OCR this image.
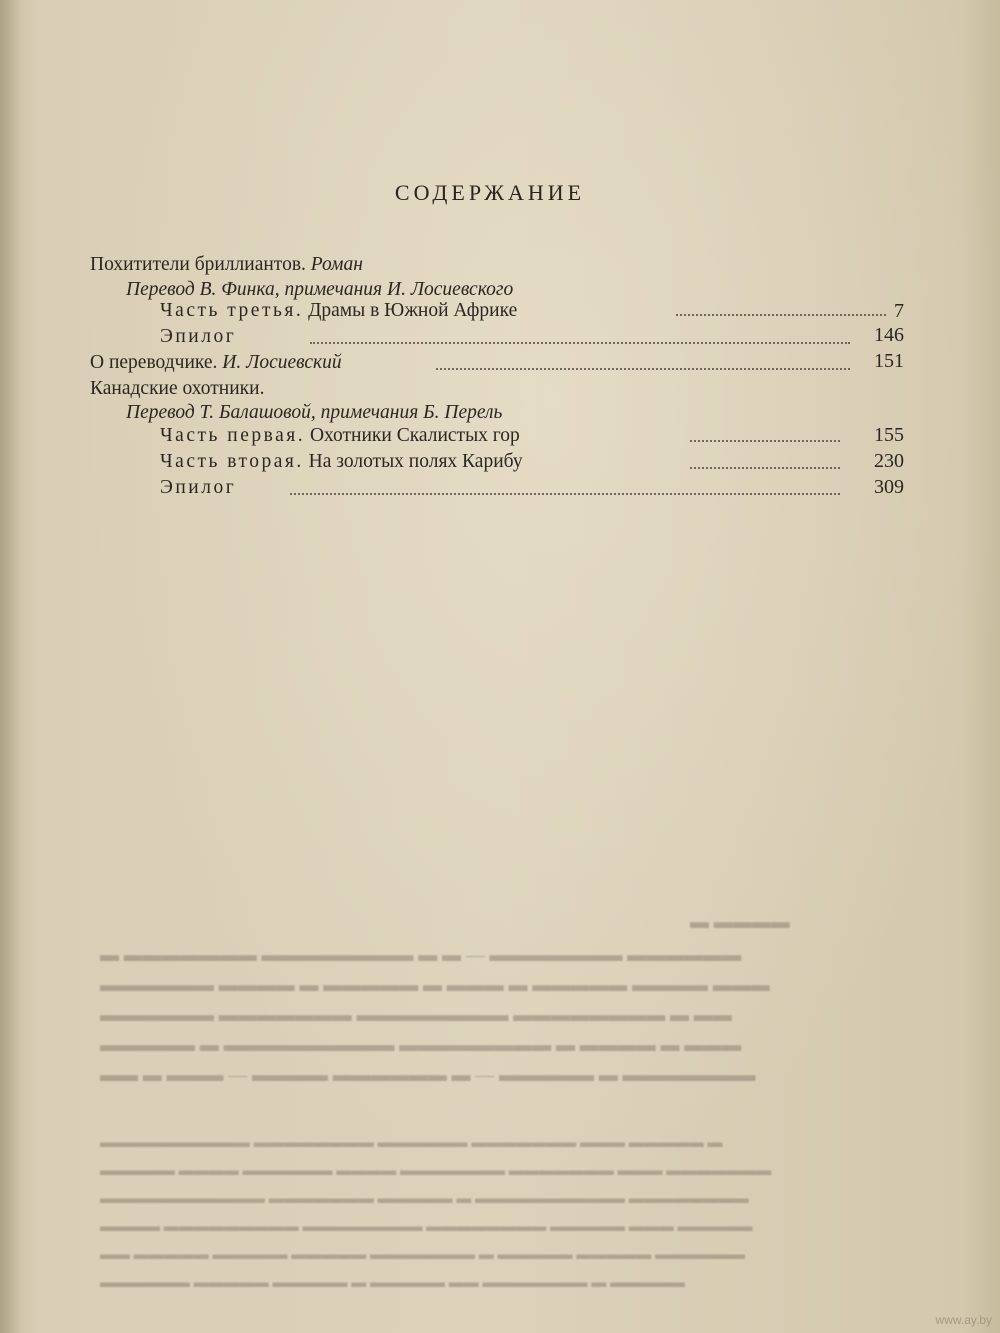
СОДЕРЖАНИЕ
Похитители бриллиантов. Роман
Перевод В. Финка, примечания И. Лосиевского
Часть третья. Драмы в Южной Африке	7
Эпилог	146
О переводчике. И. Лосиевский	151
Канадские охотники.
Перевод Т. Балашовой, примечания Б. Перель
Часть первая. Охотники Скалистых гор	155
Часть вторая. На золотых полях Карибу	230
Эпилог	309
▬▬▬▬ ▬
▬▬▬▬▬▬ ▬▬▬▬▬▬▬ — ▬ ▬ ▬▬▬▬▬▬▬▬ ▬▬▬▬▬▬▬ ▬
▬▬▬ ▬▬▬▬ ▬▬▬▬▬ ▬ ▬▬▬ ▬ ▬▬▬▬▬ ▬ ▬▬▬▬ ▬▬▬▬▬▬
▬▬ ▬ ▬▬▬▬▬▬▬▬ ▬▬▬▬▬▬▬▬ ▬▬▬▬▬▬▬ ▬▬▬▬▬▬
▬▬▬ ▬ ▬▬▬▬ ▬ ▬▬▬▬▬▬▬▬ ▬▬▬▬▬▬▬▬▬ ▬ ▬▬▬▬▬
▬▬▬▬▬▬▬ ▬ ▬▬▬▬▬ — ▬ ▬▬▬▬▬▬ ▬▬▬▬ — ▬▬▬ ▬ ▬▬
▬ ▬▬▬▬▬ ▬▬▬ ▬▬▬▬▬▬▬ ▬▬▬▬▬▬ ▬▬▬▬▬▬▬▬ ▬▬▬▬▬▬▬▬▬▬
▬▬▬▬▬▬▬ ▬▬▬ ▬▬▬▬▬▬▬ ▬▬▬▬▬▬▬ ▬▬▬▬ ▬▬▬▬▬▬ ▬▬▬▬ ▬▬▬▬▬
▬▬▬▬▬▬▬▬ ▬▬▬▬▬▬▬▬▬▬ ▬ ▬▬▬▬▬ ▬▬▬▬▬▬▬ ▬▬▬▬▬▬▬▬▬▬▬
▬▬▬▬▬ ▬▬▬ ▬▬▬▬▬ ▬▬▬▬▬▬▬▬ ▬▬▬▬▬▬▬▬ ▬▬▬▬▬▬▬▬▬ ▬▬▬▬
▬▬▬▬▬▬ ▬▬▬▬▬ ▬▬▬▬▬ ▬ ▬▬▬▬▬▬▬ ▬▬▬▬▬ ▬▬▬▬▬ ▬▬▬▬▬ ▬▬
▬▬▬▬▬ ▬ ▬▬▬▬▬▬▬ ▬▬ ▬▬▬▬▬ ▬ ▬▬▬▬▬ ▬▬▬▬▬ ▬▬▬▬▬▬
www.ay.by
